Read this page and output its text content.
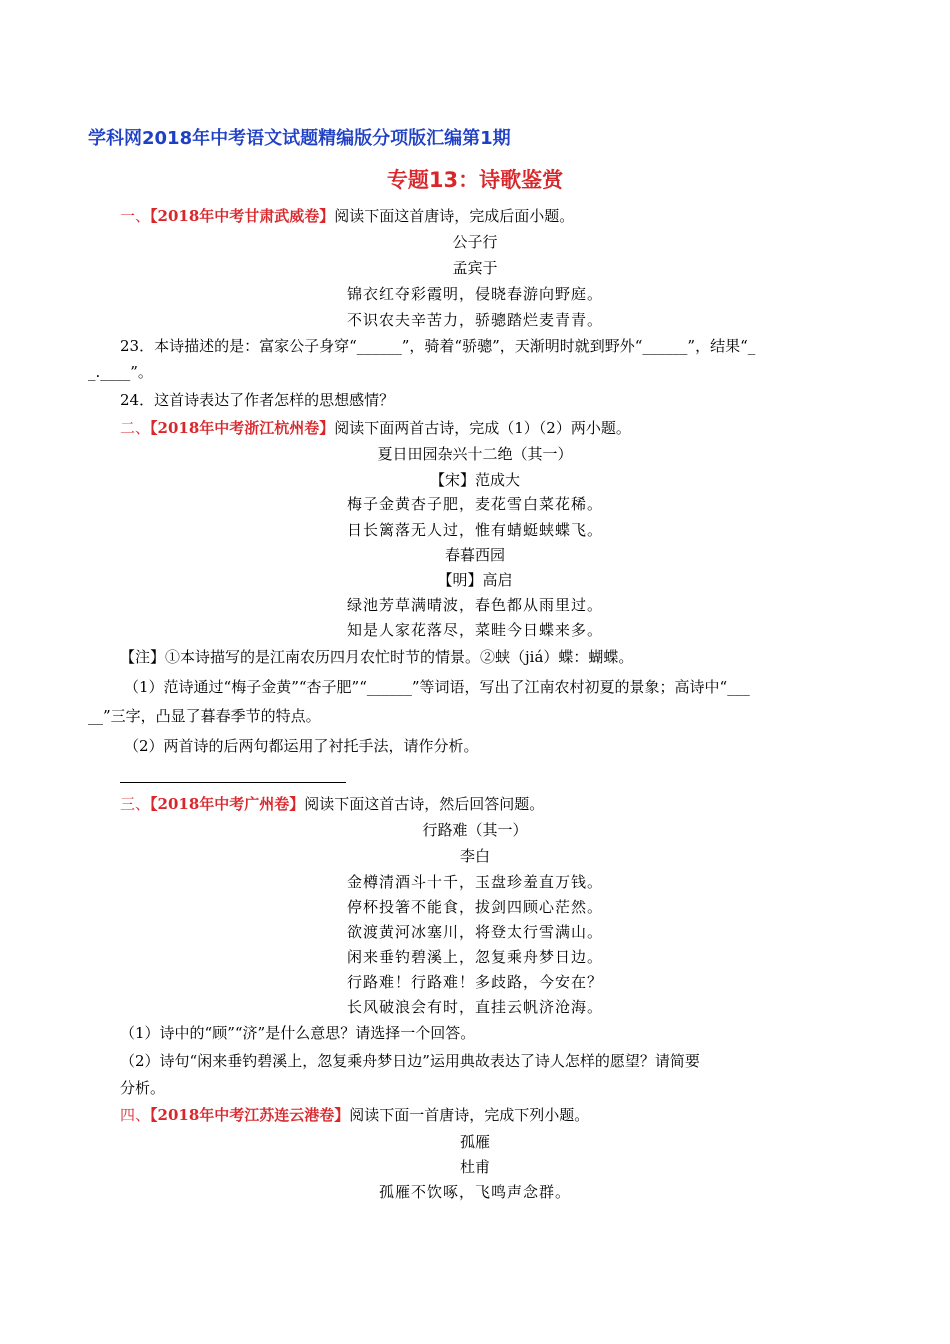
学科网2018年中考语文试题精编版分项版汇编第1期
专题13：诗歌鉴赏
一、【2018年中考甘肃武威卷】阅读下面这首唐诗，完成后面小题。
公子行
孟宾于
锦衣红夺彩霞明，侵晓春游向野庭。
不识农夫辛苦力，骄骢踏烂麦青青。
23．本诗描述的是：富家公子身穿“______”，骑着“骄骢”，天渐明时就到野外“______”，结果“_
_.____”。
24．这首诗表达了作者怎样的思想感情？
二、【2018年中考浙江杭州卷】阅读下面两首古诗，完成（1）（2）两小题。
夏日田园杂兴十二绝（其一）
【宋】范成大
梅子金黄杏子肥，麦花雪白菜花稀。
日长篱落无人过，惟有蜻蜓蛱蝶飞。
春暮西园
【明】高启
绿池芳草满晴波，春色都从雨里过。
知是人家花落尽，菜畦今日蝶来多。
【注】①本诗描写的是江南农历四月农忙时节的情景。②蛱（jiá）蝶：蝴蝶。
（1）范诗通过“梅子金黄”“杏子肥”“______”等词语，写出了江南农村初夏的景象；高诗中“___
__”三字，凸显了暮春季节的特点。
（2）两首诗的后两句都运用了衬托手法，请作分析。
三、【2018年中考广州卷】阅读下面这首古诗，然后回答问题。
行路难（其一）
李白
金樽清酒斗十千，玉盘珍羞直万钱。
停杯投箸不能食，拔剑四顾心茫然。
欲渡黄河冰塞川，将登太行雪满山。
闲来垂钓碧溪上，忽复乘舟梦日边。
行路难！行路难！多歧路，今安在？
长风破浪会有时，直挂云帆济沧海。
（1）诗中的“顾”“济”是什么意思？请选择一个回答。
（2）诗句“闲来垂钓碧溪上，忽复乘舟梦日边”运用典故表达了诗人怎样的愿望？请简要
分析。
四、【2018年中考江苏连云港卷】阅读下面一首唐诗，完成下列小题。
孤雁
杜甫
孤雁不饮啄，飞鸣声念群。
